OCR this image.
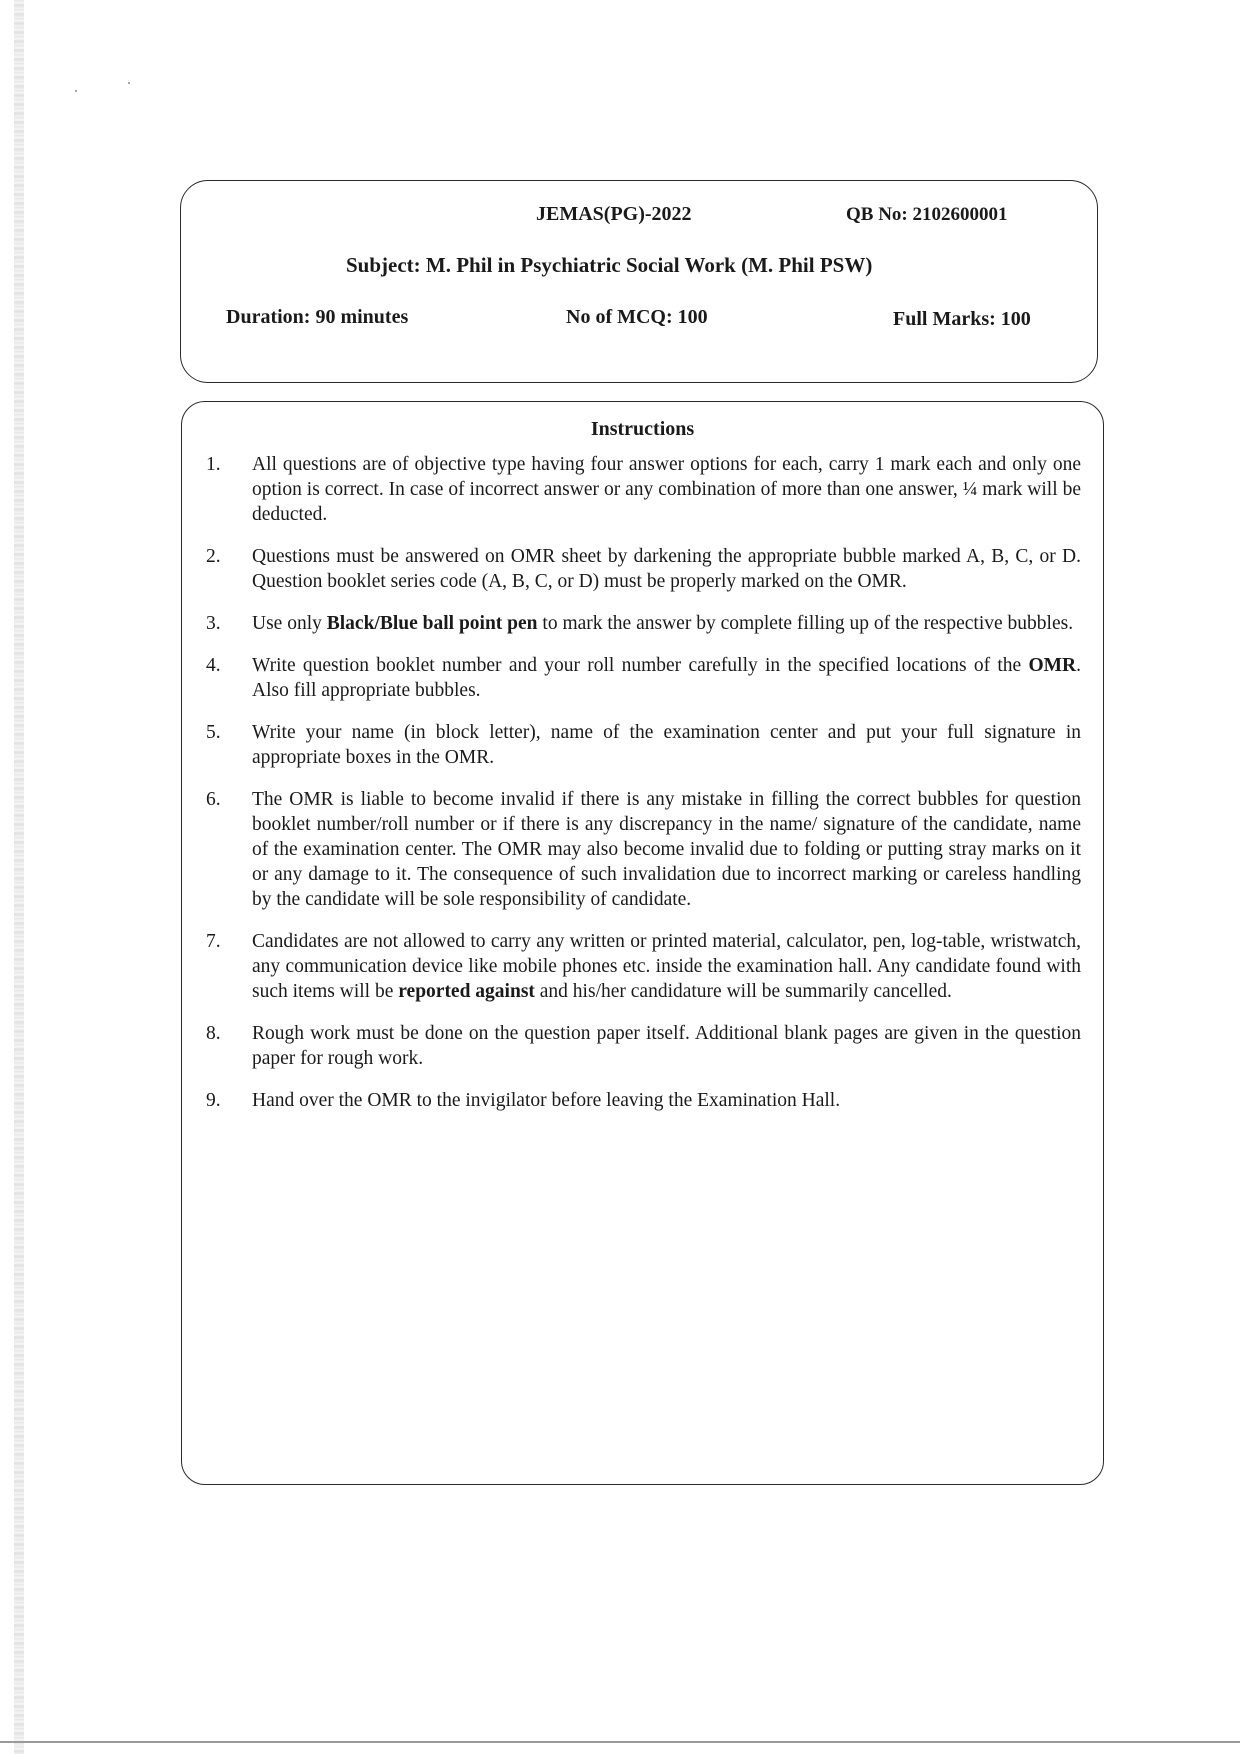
JEMAS(PG)-2022	QB No: 2102600001
Subject: M. Phil in Psychiatric Social Work (M. Phil PSW)
Duration: 90 minutes	No of MCQ: 100	Full Marks: 100
Instructions
1. All questions are of objective type having four answer options for each, carry 1 mark each and only one option is correct. In case of incorrect answer or any combination of more than one answer, ¼ mark will be deducted.
2. Questions must be answered on OMR sheet by darkening the appropriate bubble marked A, B, C, or D. Question booklet series code (A, B, C, or D) must be properly marked on the OMR.
3. Use only Black/Blue ball point pen to mark the answer by complete filling up of the respective bubbles.
4. Write question booklet number and your roll number carefully in the specified locations of the OMR. Also fill appropriate bubbles.
5. Write your name (in block letter), name of the examination center and put your full signature in appropriate boxes in the OMR.
6. The OMR is liable to become invalid if there is any mistake in filling the correct bubbles for question booklet number/roll number or if there is any discrepancy in the name/ signature of the candidate, name of the examination center. The OMR may also become invalid due to folding or putting stray marks on it or any damage to it. The consequence of such invalidation due to incorrect marking or careless handling by the candidate will be sole responsibility of candidate.
7. Candidates are not allowed to carry any written or printed material, calculator, pen, log-table, wristwatch, any communication device like mobile phones etc. inside the examination hall. Any candidate found with such items will be reported against and his/her candidature will be summarily cancelled.
8. Rough work must be done on the question paper itself. Additional blank pages are given in the question paper for rough work.
9. Hand over the OMR to the invigilator before leaving the Examination Hall.
